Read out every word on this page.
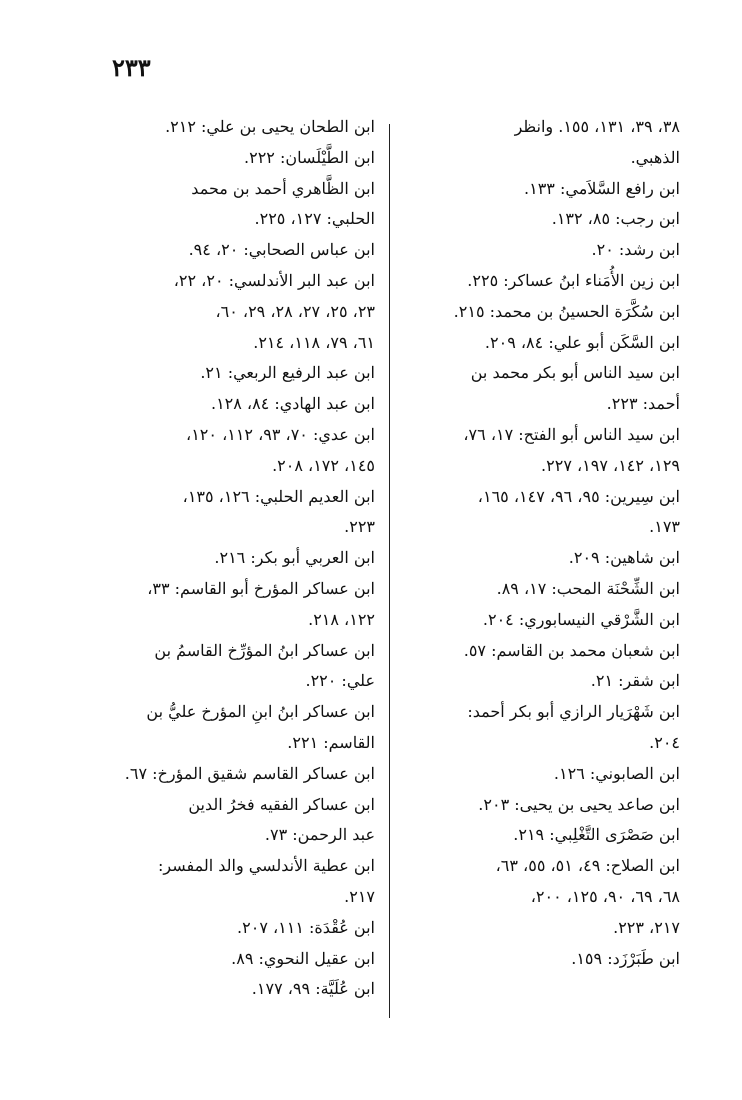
٢٣٣
٣٨، ٣٩، ١٣١، ١٥٥. وانظر
الذهبي.
ابن رافع السَّلاَمي: ١٣٣.
ابن رجب: ٨٥، ١٣٢.
ابن رشد: ٢٠.
ابن زين الأُمَناء ابنُ عساكر: ٢٢٥.
ابن سُكَّرَة الحسينُ بن محمد: ٢١٥.
ابن السَّكَن أبو علي: ٨٤، ٢٠٩.
ابن سيد الناس أبو بكر محمد بن
أحمد: ٢٢٣.
ابن سيد الناس أبو الفتح: ١٧، ٧٦،
١٢٩، ١٤٢، ١٩٧، ٢٢٧.
ابن سِيرين: ٩٥، ٩٦، ١٤٧، ١٦٥،
١٧٣.
ابن شاهين: ٢٠٩.
ابن الشِّحْنَة المحب: ١٧، ٨٩.
ابن الشَّرْقي النيسابوري: ٢٠٤.
ابن شعبان محمد بن القاسم: ٥٧.
ابن شقر: ٢١.
ابن شَهْرَيار الرازي أبو بكر أحمد:
٢٠٤.
ابن الصابوني: ١٢٦.
ابن صاعد يحيى بن يحيى: ٢٠٣.
ابن صَصْرَى التَّغْلِبي: ٢١٩.
ابن الصلاح: ٤٩، ٥١، ٥٥، ٦٣،
٦٨، ٦٩، ٩٠، ١٢٥، ٢٠٠،
٢١٧، ٢٢٣.
ابن طَبَرْزَد: ١٥٩.
ابن الطحان يحيى بن علي: ٢١٢.
ابن الطَّيْلَسان: ٢٢٢.
ابن الظَّاهري أحمد بن محمد
الحلبي: ١٢٧، ٢٢٥.
ابن عباس الصحابي: ٢٠، ٩٤.
ابن عبد البر الأندلسي: ٢٠، ٢٢،
٢٣، ٢٥، ٢٧، ٢٨، ٢٩، ٦٠،
٦١، ٧٩، ١١٨، ٢١٤.
ابن عبد الرفيع الربعي: ٢١.
ابن عبد الهادي: ٨٤، ١٢٨.
ابن عدي: ٧٠، ٩٣، ١١٢، ١٢٠،
١٤٥، ١٧٢، ٢٠٨.
ابن العديم الحلبي: ١٢٦، ١٣٥،
٢٢٣.
ابن العربي أبو بكر: ٢١٦.
ابن عساكر المؤرخ أبو القاسم: ٣٣،
١٢٢، ٢١٨.
ابن عساكر ابنُ المؤرِّخ القاسمُ بن
علي: ٢٢٠.
ابن عساكر ابنُ ابنِ المؤرخ عليُّ بن
القاسم: ٢٢١.
ابن عساكر القاسم شقيق المؤرخ: ٦٧.
ابن عساكر الفقيه فخرُ الدين
عبد الرحمن: ٧٣.
ابن عطية الأندلسي والد المفسر:
٢١٧.
ابن عُقْدَة: ١١١، ٢٠٧.
ابن عقيل النحوي: ٨٩.
ابن عُلَيَّة: ٩٩، ١٧٧.
